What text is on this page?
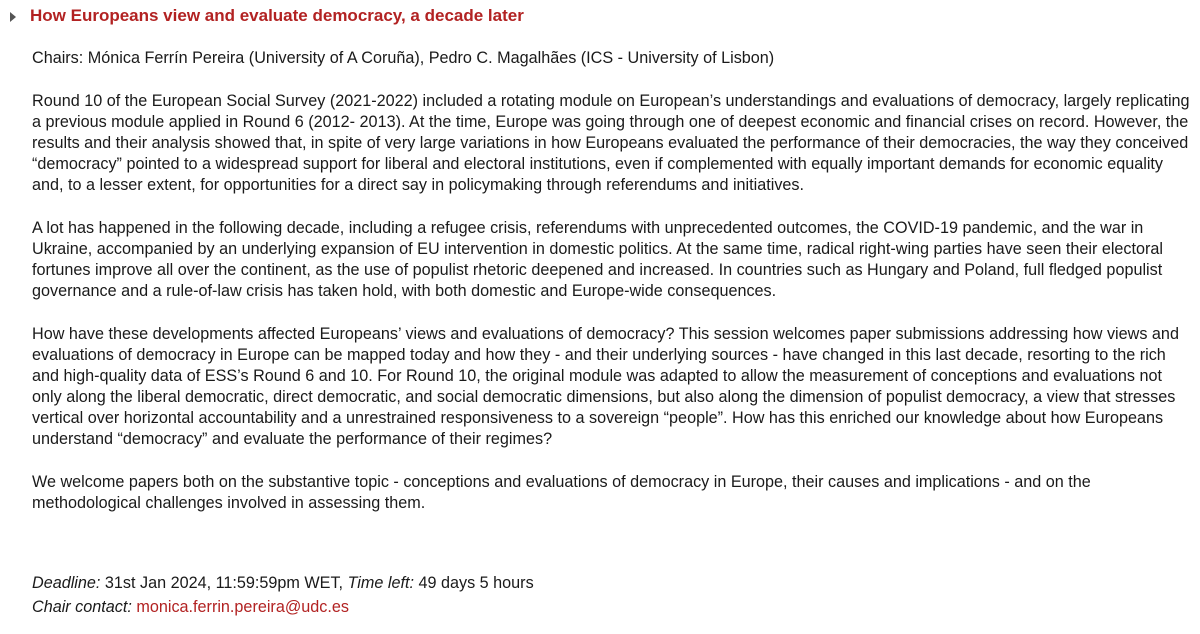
How Europeans view and evaluate democracy, a decade later

Chairs: Mónica Ferrín Pereira (University of A Coruña), Pedro C. Magalhães (ICS - University of Lisbon)

Round 10 of the European Social Survey (2021-2022) included a rotating module on European’s understandings and evaluations of democracy, largely replicating a previous module applied in Round 6 (2012- 2013). At the time, Europe was going through one of deepest economic and financial crises on record. However, the results and their analysis showed that, in spite of very large variations in how Europeans evaluated the performance of their democracies, the way they conceived “democracy” pointed to a widespread support for liberal and electoral institutions, even if complemented with equally important demands for economic equality and, to a lesser extent, for opportunities for a direct say in policymaking through referendums and initiatives.

A lot has happened in the following decade, including a refugee crisis, referendums with unprecedented outcomes, the COVID-19 pandemic, and the war in Ukraine, accompanied by an underlying expansion of EU intervention in domestic politics. At the same time, radical right-wing parties have seen their electoral fortunes improve all over the continent, as the use of populist rhetoric deepened and increased. In countries such as Hungary and Poland, full fledged populist governance and a rule-of-law crisis has taken hold, with both domestic and Europe-wide consequences.

How have these developments affected Europeans’ views and evaluations of democracy? This session welcomes paper submissions addressing how views and evaluations of democracy in Europe can be mapped today and how they - and their underlying sources - have changed in this last decade, resorting to the rich and high-quality data of ESS’s Round 6 and 10. For Round 10, the original module was adapted to allow the measurement of conceptions and evaluations not only along the liberal democratic, direct democratic, and social democratic dimensions, but also along the dimension of populist democracy, a view that stresses vertical over horizontal accountability and a unrestrained responsiveness to a sovereign “people”. How has this enriched our knowledge about how Europeans understand “democracy” and evaluate the performance of their regimes?

We welcome papers both on the substantive topic - conceptions and evaluations of democracy in Europe, their causes and implications - and on the methodological challenges involved in assessing them.

Deadline: 31st Jan 2024, 11:59:59pm WET, Time left: 49 days 5 hours
Chair contact: monica.ferrin.pereira@udc.es
